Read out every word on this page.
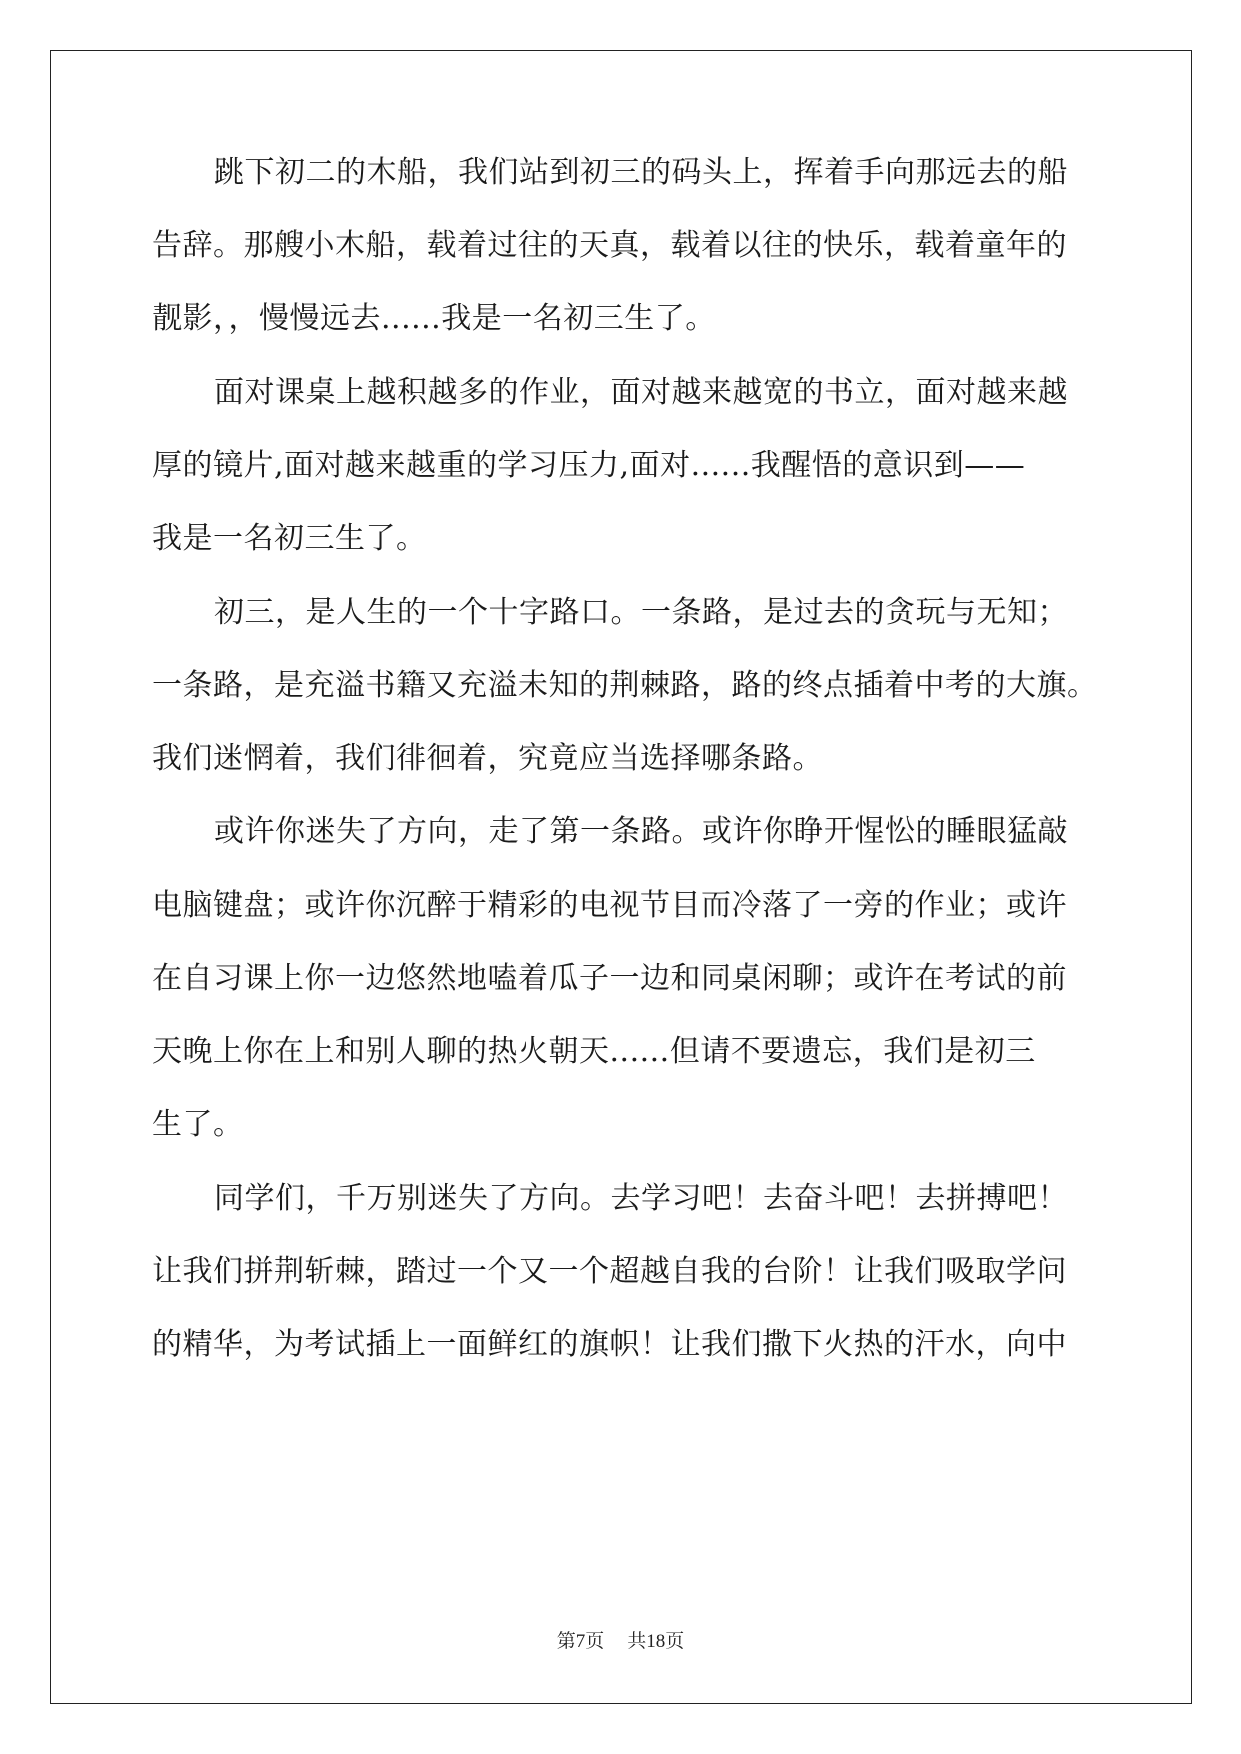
跳下初二的木船，我们站到初三的码头上，挥着手向那远去的船
告辞。那艘小木船，载着过往的天真，载着以往的快乐，载着童年的
靓影，，慢慢远去......我是一名初三生了。
面对课桌上越积越多的作业，面对越来越宽的书立，面对越来越
厚的镜片,面对越来越重的学习压力,面对......我醒悟的意识到——
我是一名初三生了。
初三，是人生的一个十字路口。一条路，是过去的贪玩与无知；
一条路，是充溢书籍又充溢未知的荆棘路，路的终点插着中考的大旗。
我们迷惘着，我们徘徊着，究竟应当选择哪条路。
或许你迷失了方向，走了第一条路。或许你睁开惺忪的睡眼猛敲
电脑键盘；或许你沉醉于精彩的电视节目而冷落了一旁的作业；或许
在自习课上你一边悠然地嗑着瓜子一边和同桌闲聊；或许在考试的前
天晚上你在上和别人聊的热火朝天......但请不要遗忘，我们是初三
生了。
同学们，千万别迷失了方向。去学习吧！去奋斗吧！去拼搏吧！
让我们拼荆斩棘，踏过一个又一个超越自我的台阶！让我们吸取学问
的精华，为考试插上一面鲜红的旗帜！让我们撒下火热的汗水，向中
第7页 共18页
